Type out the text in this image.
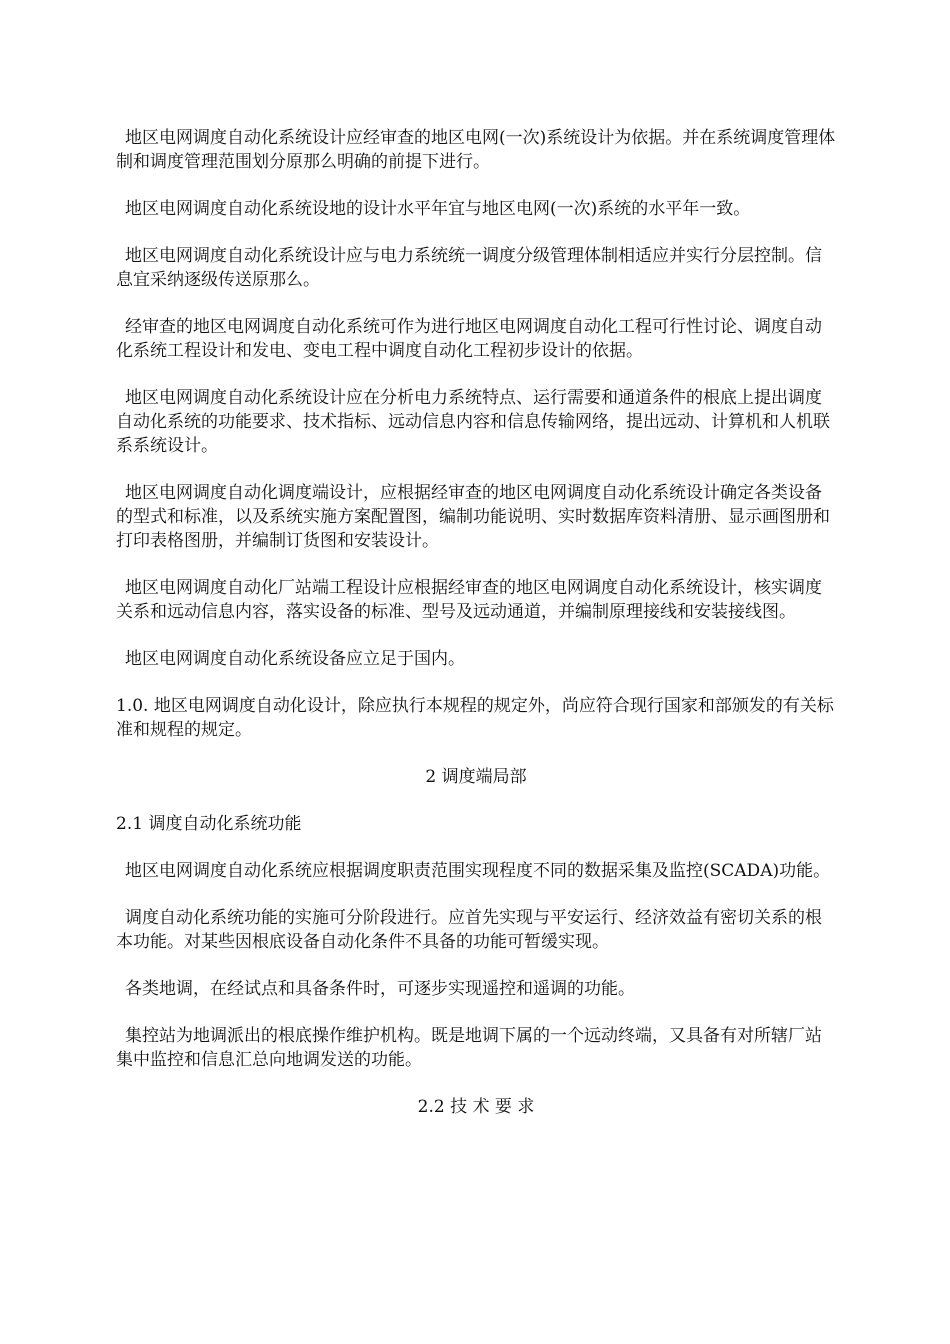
地区电网调度自动化系统设计应经审查的地区电网(一次)系统设计为依据。并在系统调度管理体制和调度管理范围划分原那么明确的前提下进行。

地区电网调度自动化系统设地的设计水平年宜与地区电网(一次)系统的水平年一致。

地区电网调度自动化系统设计应与电力系统统一调度分级管理体制相适应并实行分层控制。信息宜采纳逐级传送原那么。

经审查的地区电网调度自动化系统可作为进行地区电网调度自动化工程可行性讨论、调度自动化系统工程设计和发电、变电工程中调度自动化工程初步设计的依据。

地区电网调度自动化系统设计应在分析电力系统特点、运行需要和通道条件的根底上提出调度自动化系统的功能要求、技术指标、远动信息内容和信息传输网络，提出远动、计算机和人机联系系统设计。

地区电网调度自动化调度端设计，应根据经审查的地区电网调度自动化系统设计确定各类设备的型式和标准，以及系统实施方案配置图，编制功能说明、实时数据库资料清册、显示画图册和打印表格图册，并编制订货图和安装设计。

地区电网调度自动化厂站端工程设计应根据经审查的地区电网调度自动化系统设计，核实调度关系和远动信息内容，落实设备的标准、型号及远动通道，并编制原理接线和安装接线图。

地区电网调度自动化系统设备应立足于国内。

1.0. 地区电网调度自动化设计，除应执行本规程的规定外，尚应符合现行国家和部颁发的有关标准和规程的规定。

2 调度端局部
2.1 调度自动化系统功能

地区电网调度自动化系统应根据调度职责范围实现程度不同的数据采集及监控(SCADA)功能。

调度自动化系统功能的实施可分阶段进行。应首先实现与平安运行、经济效益有密切关系的根本功能。对某些因根底设备自动化条件不具备的功能可暂缓实现。

各类地调，在经试点和具备条件时，可逐步实现遥控和遥调的功能。

集控站为地调派出的根底操作维护机构。既是地调下属的一个远动终端，又具备有对所辖厂站集中监控和信息汇总向地调发送的功能。

2.2 技 术 要 求
